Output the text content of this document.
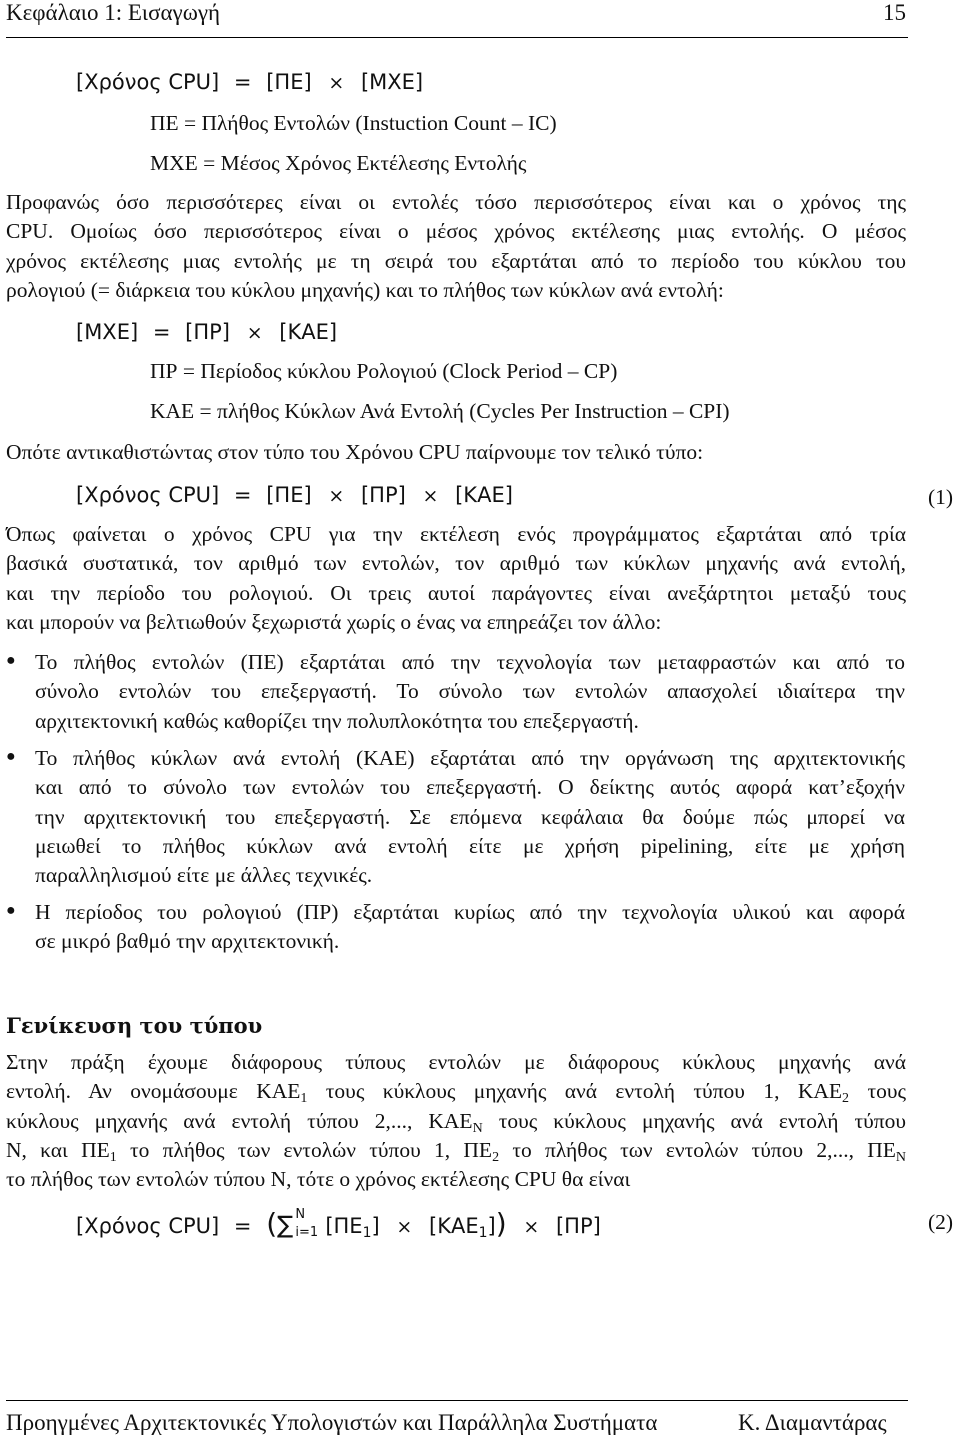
Κεφάλαιο 1: Εισαγωγή	15
[Χρόνος CPU] = [ΠΕ] × [ΜΧΕ]
ΠΕ = Πλήθος Εντολών (Instuction Count – IC)
ΜΧΕ = Μέσος Χρόνος Εκτέλεσης Εντολής
Προφανώς όσο περισσότερες είναι οι εντολές τόσο περισσότερος είναι και ο χρόνος της
CPU. Ομοίως όσο περισσότερος είναι ο μέσος χρόνος εκτέλεσης μιας εντολής. Ο μέσος
χρόνος εκτέλεσης μιας εντολής με τη σειρά του εξαρτάται από το περίοδο του κύκλου του
ρολογιού (= διάρκεια του κύκλου μηχανής) και το πλήθος των κύκλων ανά εντολή:
[ΜΧΕ] = [ΠΡ] × [ΚΑΕ]
ΠΡ = Περίοδος κύκλου Ρολογιού (Clock Period – CP)
ΚΑΕ = πλήθος Κύκλων Ανά Εντολή (Cycles Per Instruction – CPI)
Οπότε αντικαθιστώντας στον τύπο του Χρόνου CPU παίρνουμε τον τελικό τύπο:
[Χρόνος CPU] = [ΠΕ] × [ΠΡ] × [ΚΑΕ]	(1)
Όπως φαίνεται ο χρόνος CPU για την εκτέλεση ενός προγράμματος εξαρτάται από τρία
βασικά συστατικά, τον αριθμό των εντολών, τον αριθμό των κύκλων μηχανής ανά εντολή,
και την περίοδο του ρολογιού. Οι τρεις αυτοί παράγοντες είναι ανεξάρτητοι μεταξύ τους
και μπορούν να βελτιωθούν ξεχωριστά χωρίς ο ένας να επηρεάζει τον άλλο:
● Το πλήθος εντολών (ΠΕ) εξαρτάται από την τεχνολογία των μεταφραστών και από το
σύνολο εντολών του επεξεργαστή. Το σύνολο των εντολών απασχολεί ιδιαίτερα την
αρχιτεκτονική καθώς καθορίζει την πολυπλοκότητα του επεξεργαστή.
● Το πλήθος κύκλων ανά εντολή (ΚΑΕ) εξαρτάται από την οργάνωση της αρχιτεκτονικής
και από το σύνολο των εντολών του επεξεργαστή. Ο δείκτης αυτός αφορά κατ’εξοχήν
την αρχιτεκτονική του επεξεργαστή. Σε επόμενα κεφάλαια θα δούμε πώς μπορεί να
μειωθεί το πλήθος κύκλων ανά εντολή είτε με χρήση pipelining, είτε με χρήση
παραλληλισμού είτε με άλλες τεχνικές.
● Η περίοδος του ρολογιού (ΠΡ) εξαρτάται κυρίως από την τεχνολογία υλικού και αφορά
σε μικρό βαθμό την αρχιτεκτονική.
Γενίκευση του τύπου
Στην πράξη έχουμε διάφορους τύπους εντολών με διάφορους κύκλους μηχανής ανά
εντολή. Αν ονομάσουμε $KAE_1$ τους κύκλους μηχανής ανά εντολή τύπου 1, $KAE_2$ τους
κύκλους μηχανής ανά εντολή τύπου 2,..., $KAE_N$ τους κύκλους μηχανής ανά εντολή τύπου
Ν, και $\Pi E_1$ το πλήθος των εντολών τύπου 1, $\Pi E_2$ το πλήθος των εντολών τύπου 2,..., $\Pi E_N$
το πλήθος των εντολών τύπου N, τότε ο χρόνος εκτέλεσης CPU θα είναι
[Χρόνος CPU] = (∑ N
i=1 $[\Pi E_1] \times [KAE_1]) \times [\Pi P]$	(2)
Προηγμένες Αρχιτεκτονικές Υπολογιστών και Παράλληλα Συστήματα	Κ. Διαμαντάρας
